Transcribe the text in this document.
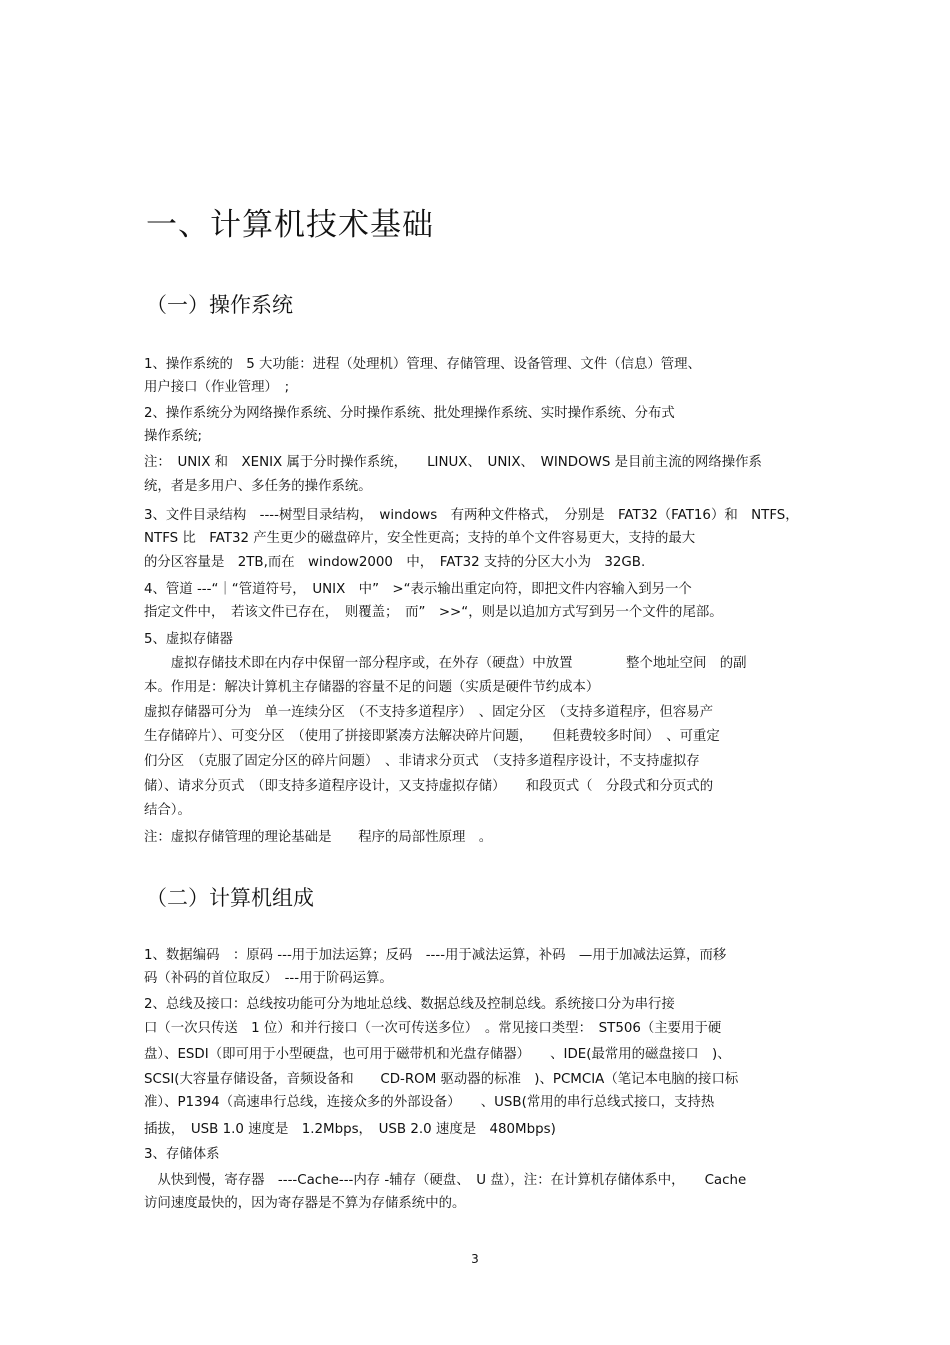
一、计算机技术基础
（一）操作系统
1、操作系统的　5 大功能：进程（处理机）管理、存储管理、设备管理、文件（信息）管理、
用户接口（作业管理）　;
2、操作系统分为网络操作系统、分时操作系统、批处理操作系统、实时操作系统、分布式
操作系统;
注：　UNIX 和　XENIX 属于分时操作系统，　　LINUX、　UNIX、　WINDOWS 是目前主流的网络操作系
统，者是多用户、多任务的操作系统。
3、文件目录结构　----树型目录结构，　windows　有两种文件格式，　分别是　FAT32（FAT16）和　NTFS，
NTFS 比　FAT32 产生更少的磁盘碎片，安全性更高；支持的单个文件容易更大，支持的最大
的分区容量是　2TB,而在　window2000　中，　FAT32 支持的分区大小为　32GB.
4、管道 ---“｜“管道符号，　UNIX　中”　>“表示输出重定向符，即把文件内容输入到另一个
指定文件中，　若该文件已存在，　则覆盖；　而”　>>“，则是以追加方式写到另一个文件的尾部。
5、虚拟存储器
　　虚拟存储技术即在内存中保留一部分程序或，在外存（硬盘）中放置　　　　整个地址空间　的副
本。作用是：解决计算机主存储器的容量不足的问题（实质是硬件节约成本）
虚拟存储器可分为　单一连续分区　（不支持多道程序）　、固定分区　（支持多道程序，但容易产
生存储碎片）、可变分区　（使用了拼接即紧凑方法解决碎片问题，　　但耗费较多时间）　、可重定
们分区　（克服了固定分区的碎片问题）　、非请求分页式　（支持多道程序设计，不支持虚拟存
储）、请求分页式　（即支持多道程序设计，又支持虚拟存储）　　和段页式（　分段式和分页式的
结合）。
注：虚拟存储管理的理论基础是　　程序的局部性原理　。
（二）计算机组成
1、数据编码　：原码 ---用于加法运算；反码　----用于减法运算，补码　—用于加减法运算，而移
码（补码的首位取反）　---用于阶码运算。
2、总线及接口：总线按功能可分为地址总线、数据总线及控制总线。系统接口分为串行接
口（一次只传送　1 位）和并行接口（一次可传送多位）　。常见接口类型：　ST506（主要用于硬
盘）、ESDI（即可用于小型硬盘，也可用于磁带机和光盘存储器）　　、IDE(最常用的磁盘接口　)、
SCSI(大容量存储设备，音频设备和　　CD-ROM 驱动器的标准　)、PCMCIA（笔记本电脑的接口标
准）、P1394（高速串行总线，连接众多的外部设备）　　、USB(常用的串行总线式接口，支持热
插拔，　USB 1.0 速度是　1.2Mbps，　USB 2.0 速度是　480Mbps)
3、存储体系
　从快到慢，寄存器　----Cache---内存 -辅存（硬盘、　U 盘），注：在计算机存储体系中，　　Cache
访问速度最快的，因为寄存器是不算为存储系统中的。
3
